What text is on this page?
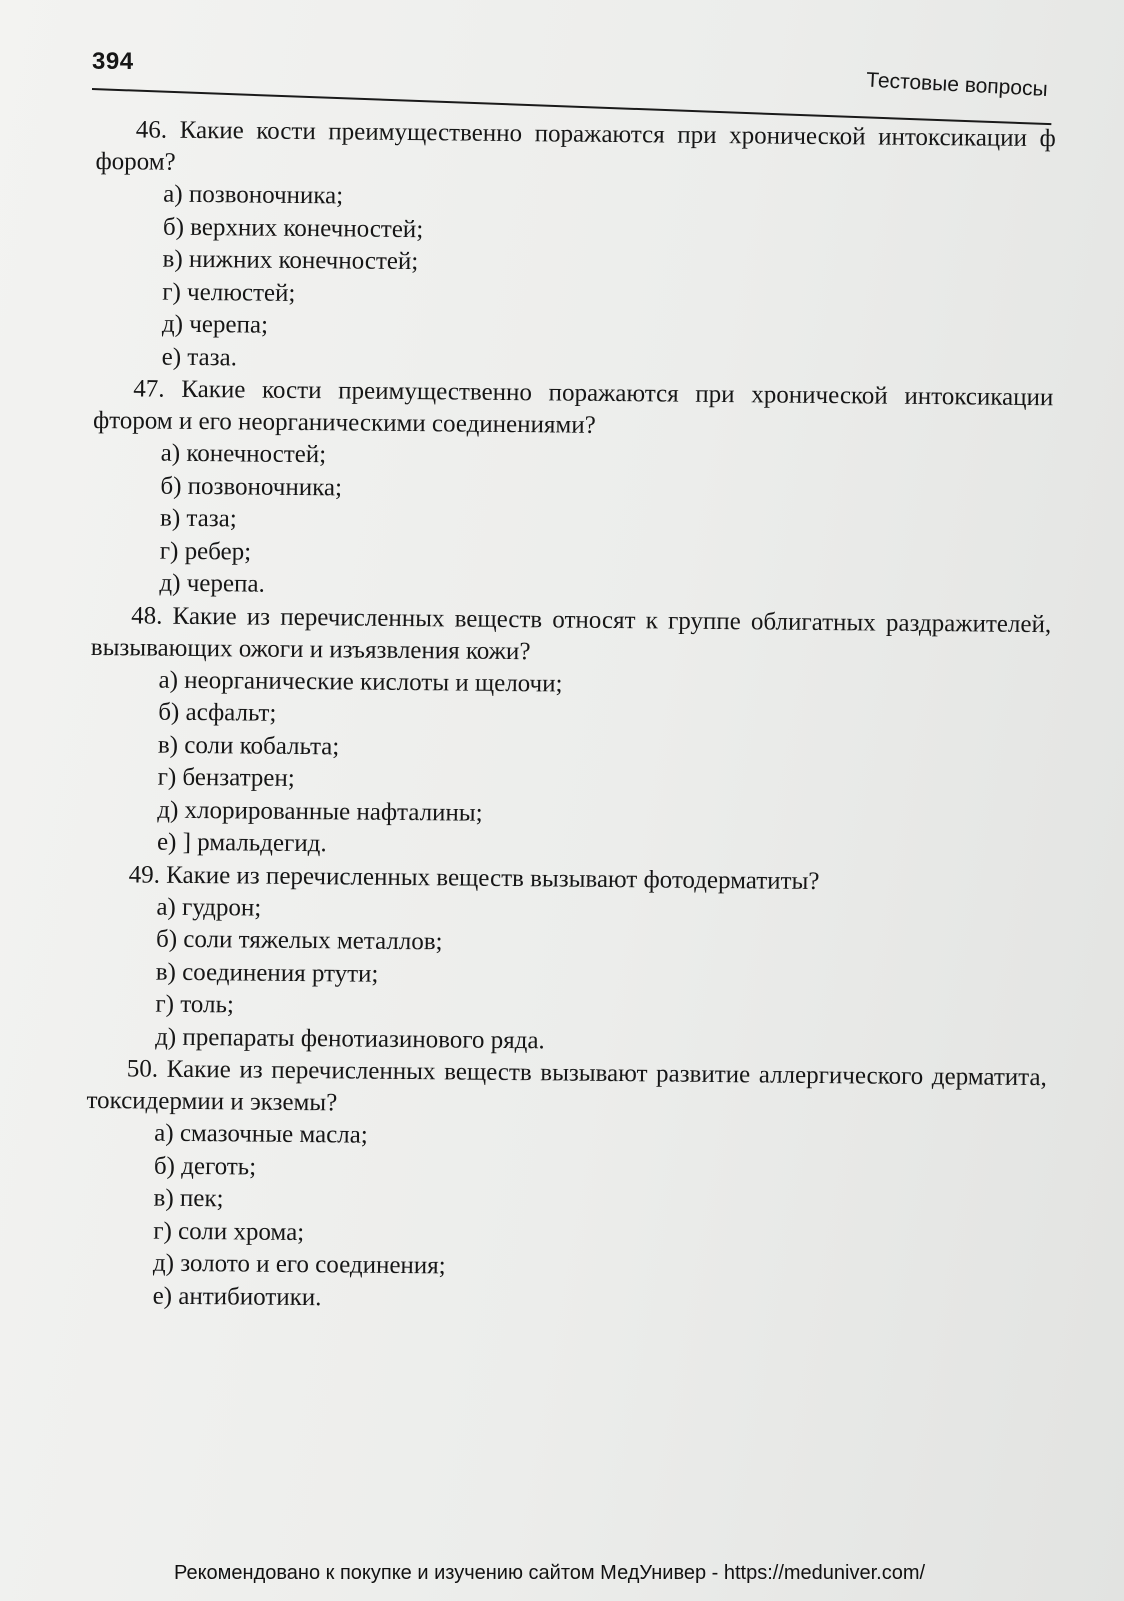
394
Тестовые вопросы

46. Какие кости преимущественно поражаются при хронической интоксикации ф фором?

а) позвоночника;
б) верхних конечностей;
в) нижних конечностей;
г) челюстей;
д) черепа;
е) таза.

47. Какие кости преимущественно поражаются при хронической интоксикации фтором и его неорганическими соединениями?

а) конечностей;
б) позвоночника;
в) таза;
г) ребер;
д) черепа.

48. Какие из перечисленных веществ относят к группе облигатных раздражителей, вызывающих ожоги и изъязвления кожи?

а) неорганические кислоты и щелочи;
б) асфальт;
в) соли кобальта;
г) бензатрен;
д) хлорированные нафталины;
е) ] рмальдегид.

49. Какие из перечисленных веществ вызывают фотодерматиты?

а) гудрон;
б) соли тяжелых металлов;
в) соединения ртути;
г) толь;
д) препараты фенотиазинового ряда.

50. Какие из перечисленных веществ вызывают развитие аллергического дерматита, токсидермии и экземы?

а) смазочные масла;
б) деготь;
в) пек;
г) соли хрома;
д) золото и его соединения;
е) антибиотики.
Рекомендовано к покупке и изучению сайтом МедУнивер - https://meduniver.com/
